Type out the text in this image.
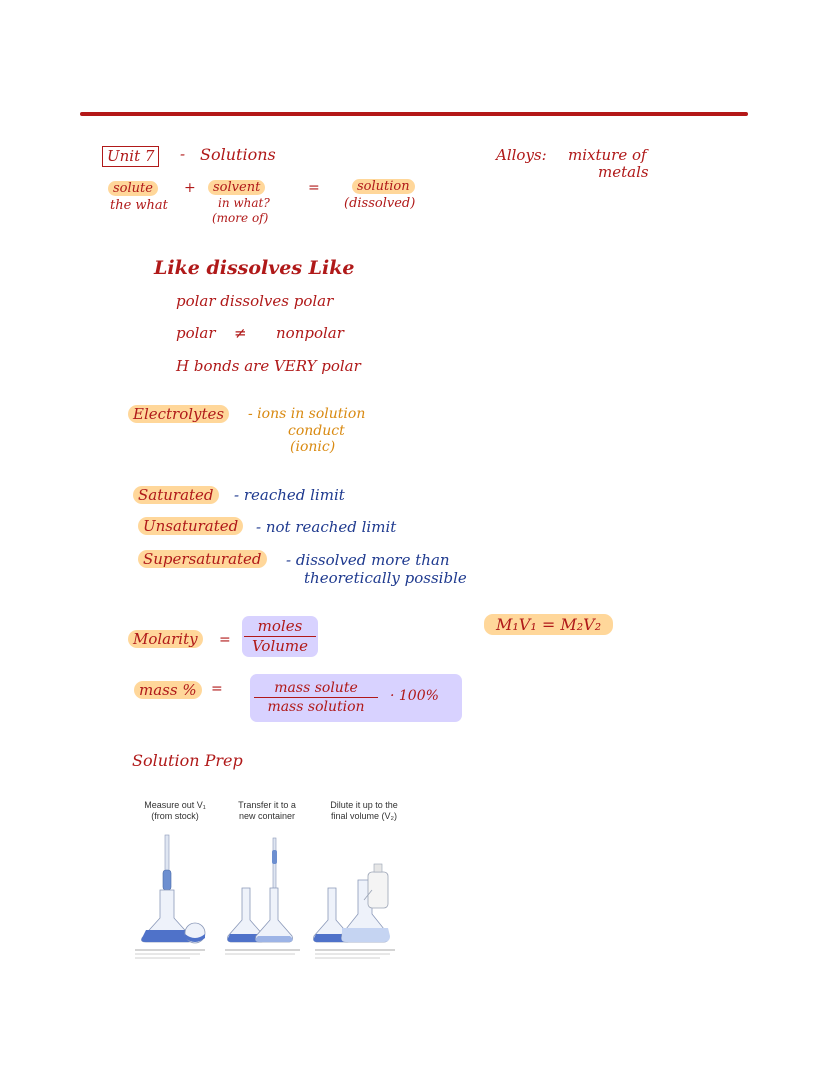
Unit 7	- Solutions	Alloys: mixture of
metals
solute
the what
+	solvent
in what?
(more of)
=	solution
(dissolved)
Like dissolves Like
polar dissolves polar
polar ≠ nonpolar
H bonds are VERY polar
Electrolytes	- ions in solution
conduct
(ionic)
Saturated	- reached limit
Unsaturated	- not reached limit
Supersaturated	- dissolved more than
theoretically possible
Molarity	=
moles
Volume
M₁V₁ = M₂V₂
mass %	=	mass solute
mass solution
· 100%
Solution Prep
Measure out V₁
(from stock)
Transfer it to a
new container
Dilute it up to the
final volume (V₂)
